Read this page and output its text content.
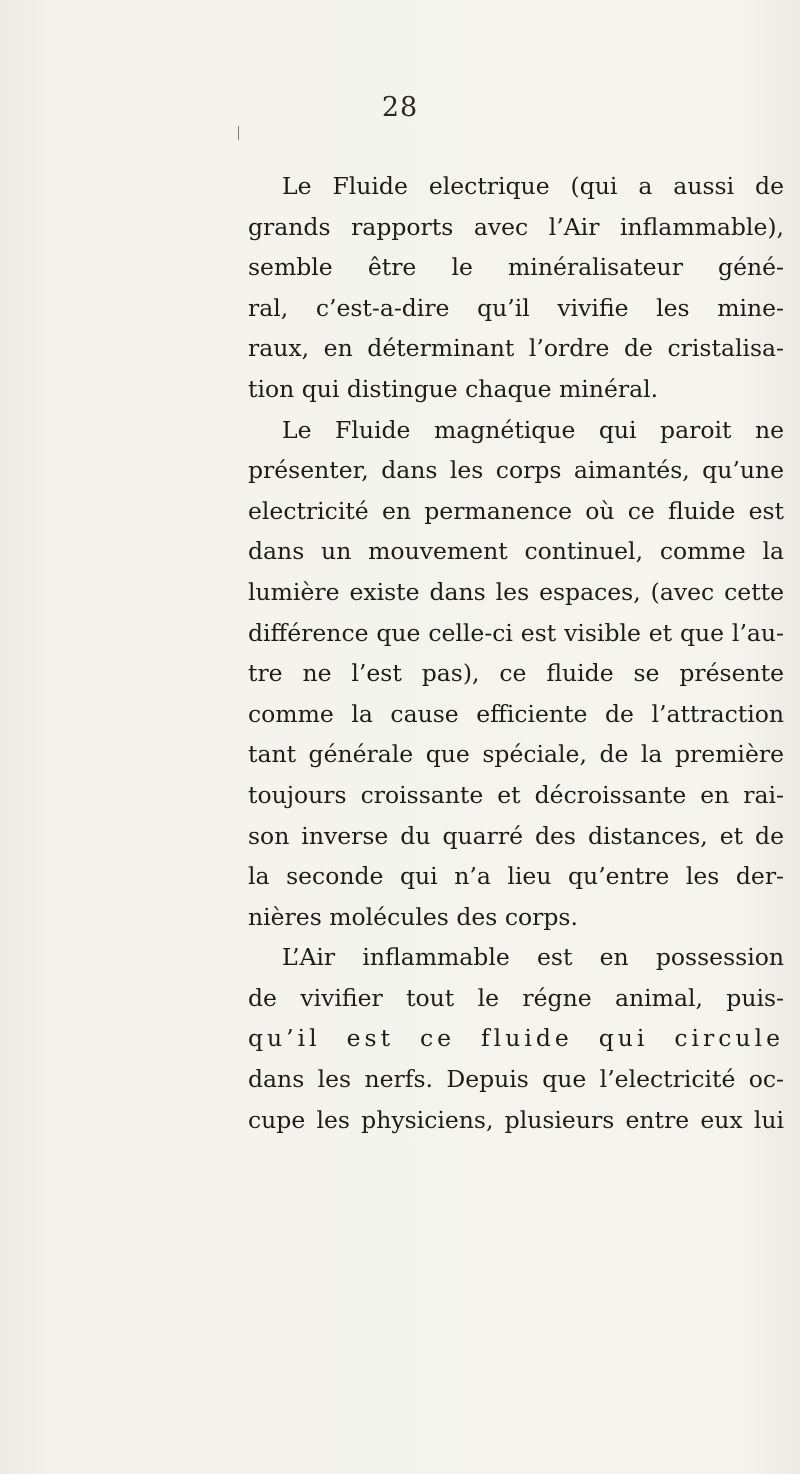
28
Le Fluide electrique (qui a aussi de
grands rapports avec l’Air inflammable),
semble être le minéralisateur géné-
ral, c’est-a-dire qu’il vivifie les mine-
raux, en déterminant l’ordre de cristalisa-
tion qui distingue chaque minéral.
Le Fluide magnétique qui paroit ne
présenter, dans les corps aimantés, qu’une
electricité en permanence où ce fluide est
dans un mouvement continuel, comme la
lumière existe dans les espaces, (avec cette
différence que celle-ci est visible et que l’au-
tre ne l’est pas), ce fluide se présente
comme la cause efficiente de l’attraction
tant générale que spéciale, de la première
toujours croissante et décroissante en rai-
son inverse du quarré des distances, et de
la seconde qui n’a lieu qu’entre les der-
nières molécules des corps.
L’Air inflammable est en possession
de vivifier tout le régne animal, puis-
qu’il est ce fluide qui circule
dans les nerfs. Depuis que l’electricité oc-
cupe les physiciens, plusieurs entre eux lui
